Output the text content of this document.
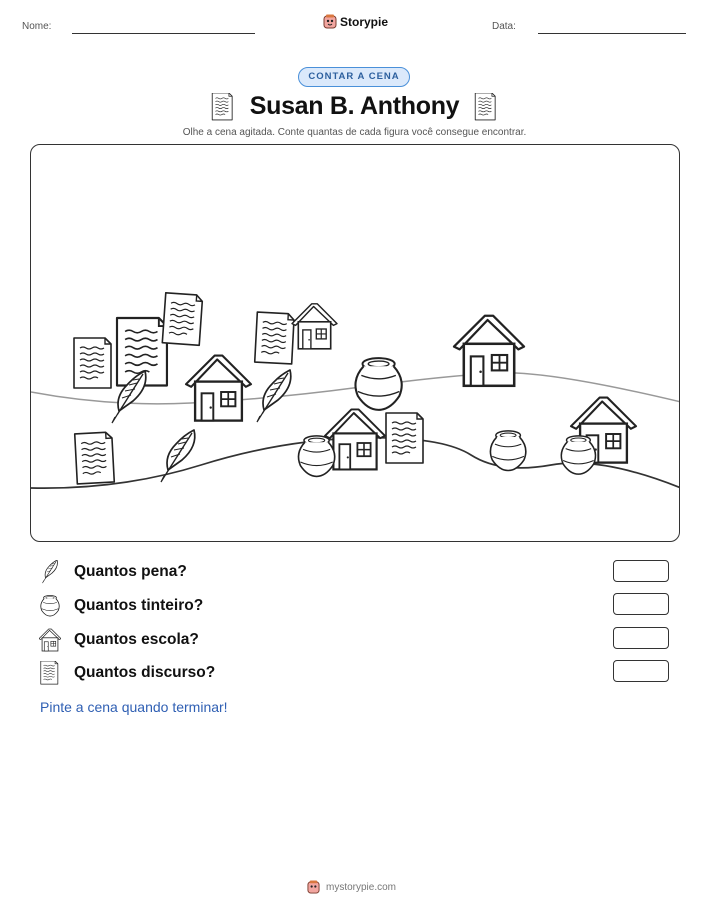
Nome:	Storypie	Data:
CONTAR A CENA
Susan B. Anthony
Olhe a cena agitada. Conte quantas de cada figura você consegue encontrar.
Quantos pena?
Quantos tinteiro?
Quantos escola?
Quantos discurso?
Pinte a cena quando terminar!
mystorypie.com
